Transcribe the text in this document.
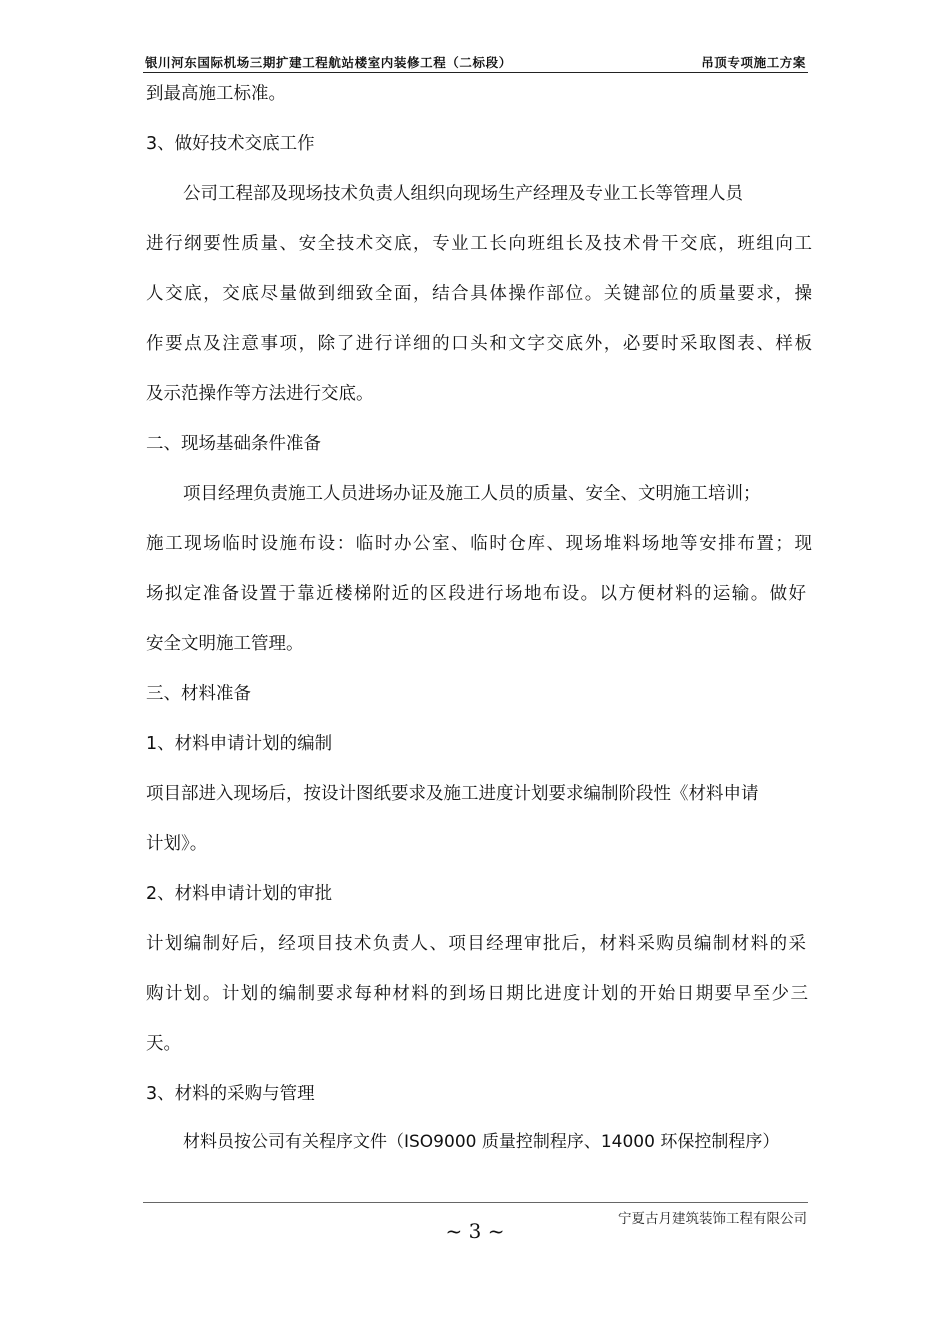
银川河东国际机场三期扩建工程航站楼室内装修工程（二标段）	吊顶专项施工方案
到最高施工标准。
3、做好技术交底工作
公司工程部及现场技术负责人组织向现场生产经理及专业工长等管理人员
进行纲要性质量、安全技术交底，专业工长向班组长及技术骨干交底，班组向工
人交底，交底尽量做到细致全面，结合具体操作部位。关键部位的质量要求，操
作要点及注意事项，除了进行详细的口头和文字交底外，必要时采取图表、样板
及示范操作等方法进行交底。
二、现场基础条件准备
项目经理负责施工人员进场办证及施工人员的质量、安全、文明施工培训；
施工现场临时设施布设：临时办公室、临时仓库、现场堆料场地等安排布置；现
场拟定准备设置于靠近楼梯附近的区段进行场地布设。以方便材料的运输。做好
安全文明施工管理。
三、材料准备
1、材料申请计划的编制
项目部进入现场后，按设计图纸要求及施工进度计划要求编制阶段性《材料申请
计划》。
2、材料申请计划的审批
计划编制好后，经项目技术负责人、项目经理审批后，材料采购员编制材料的采
购计划。计划的编制要求每种材料的到场日期比进度计划的开始日期要早至少三
天。
3、材料的采购与管理
材料员按公司有关程序文件（ISO9000 质量控制程序、14000 环保控制程序）
宁夏古月建筑装饰工程有限公司
~ 3 ~
